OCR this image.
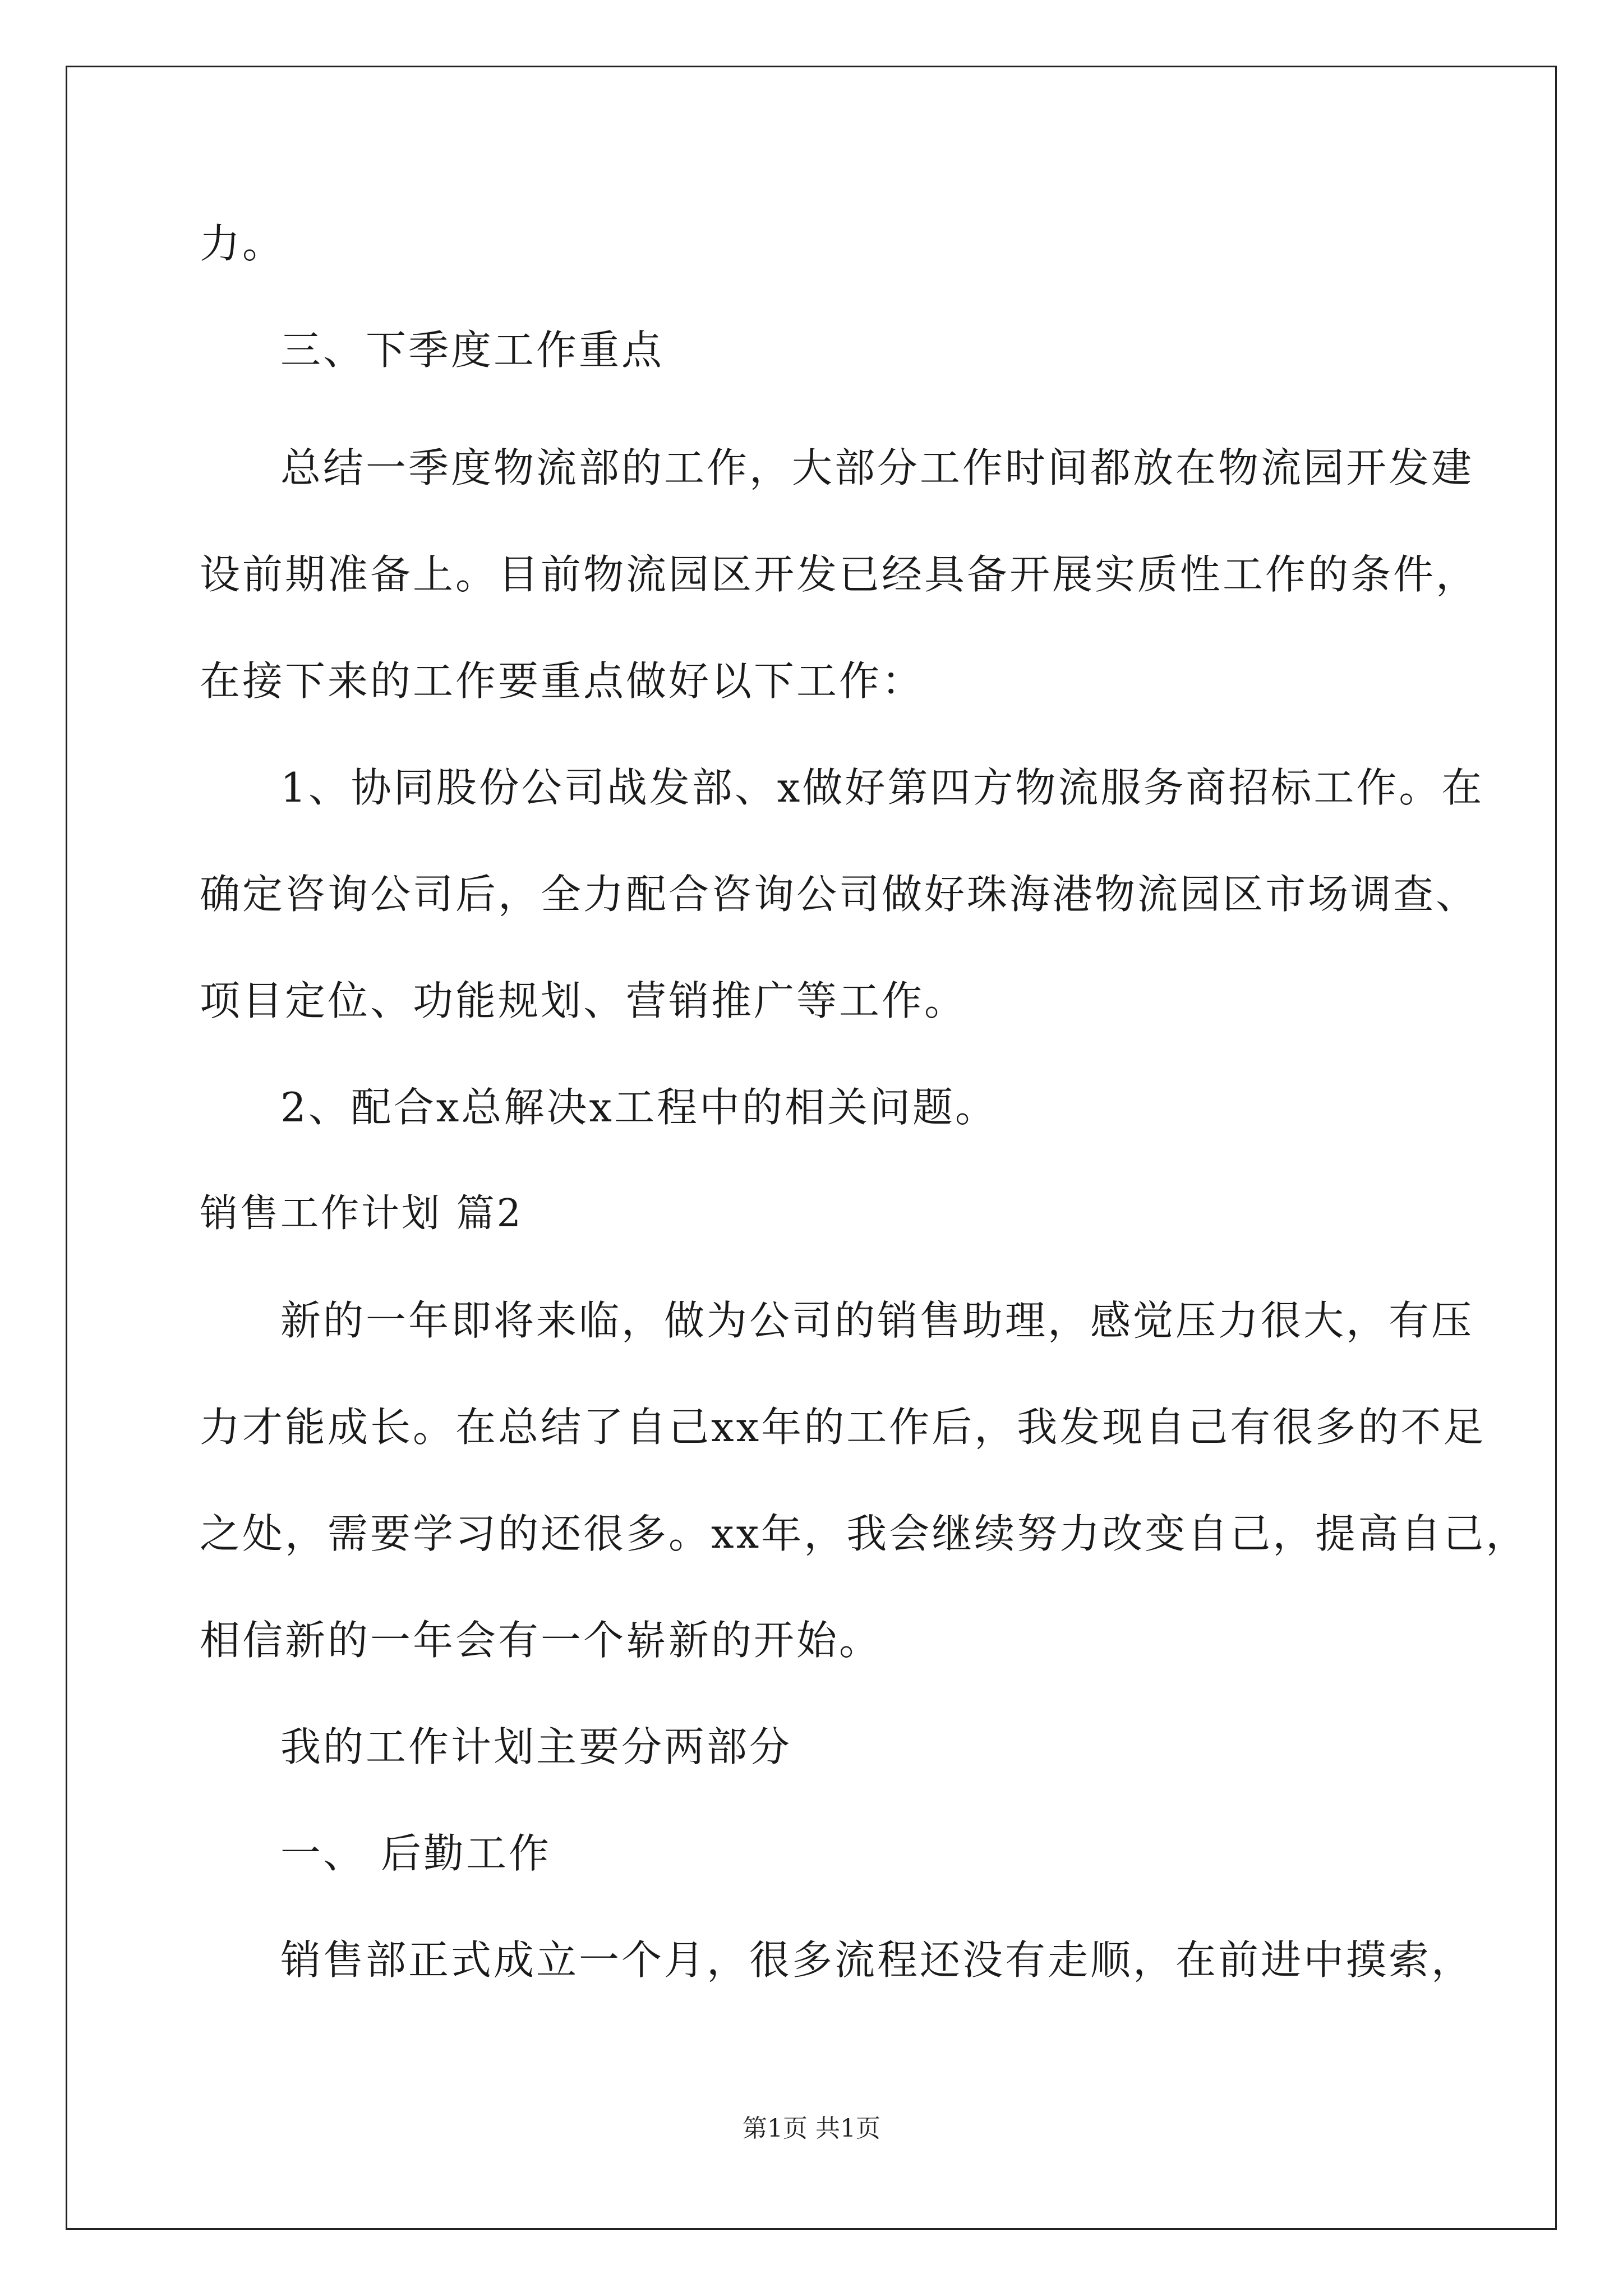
力。
三、下季度工作重点
总结一季度物流部的工作，大部分工作时间都放在物流园开发建
设前期准备上。目前物流园区开发已经具备开展实质性工作的条件，
在接下来的工作要重点做好以下工作：
1、协同股份公司战发部、x做好第四方物流服务商招标工作。在
确定咨询公司后，全力配合咨询公司做好珠海港物流园区市场调查、
项目定位、功能规划、营销推广等工作。
2、配合x总解决x工程中的相关问题。
销售工作计划 篇2
新的一年即将来临，做为公司的销售助理，感觉压力很大，有压
力才能成长。在总结了自己xx年的工作后，我发现自己有很多的不足
之处，需要学习的还很多。xx年，我会继续努力改变自己，提高自己，
相信新的一年会有一个崭新的开始。
我的工作计划主要分两部分
一、 后勤工作
销售部正式成立一个月，很多流程还没有走顺，在前进中摸索，
第1页 共1页
